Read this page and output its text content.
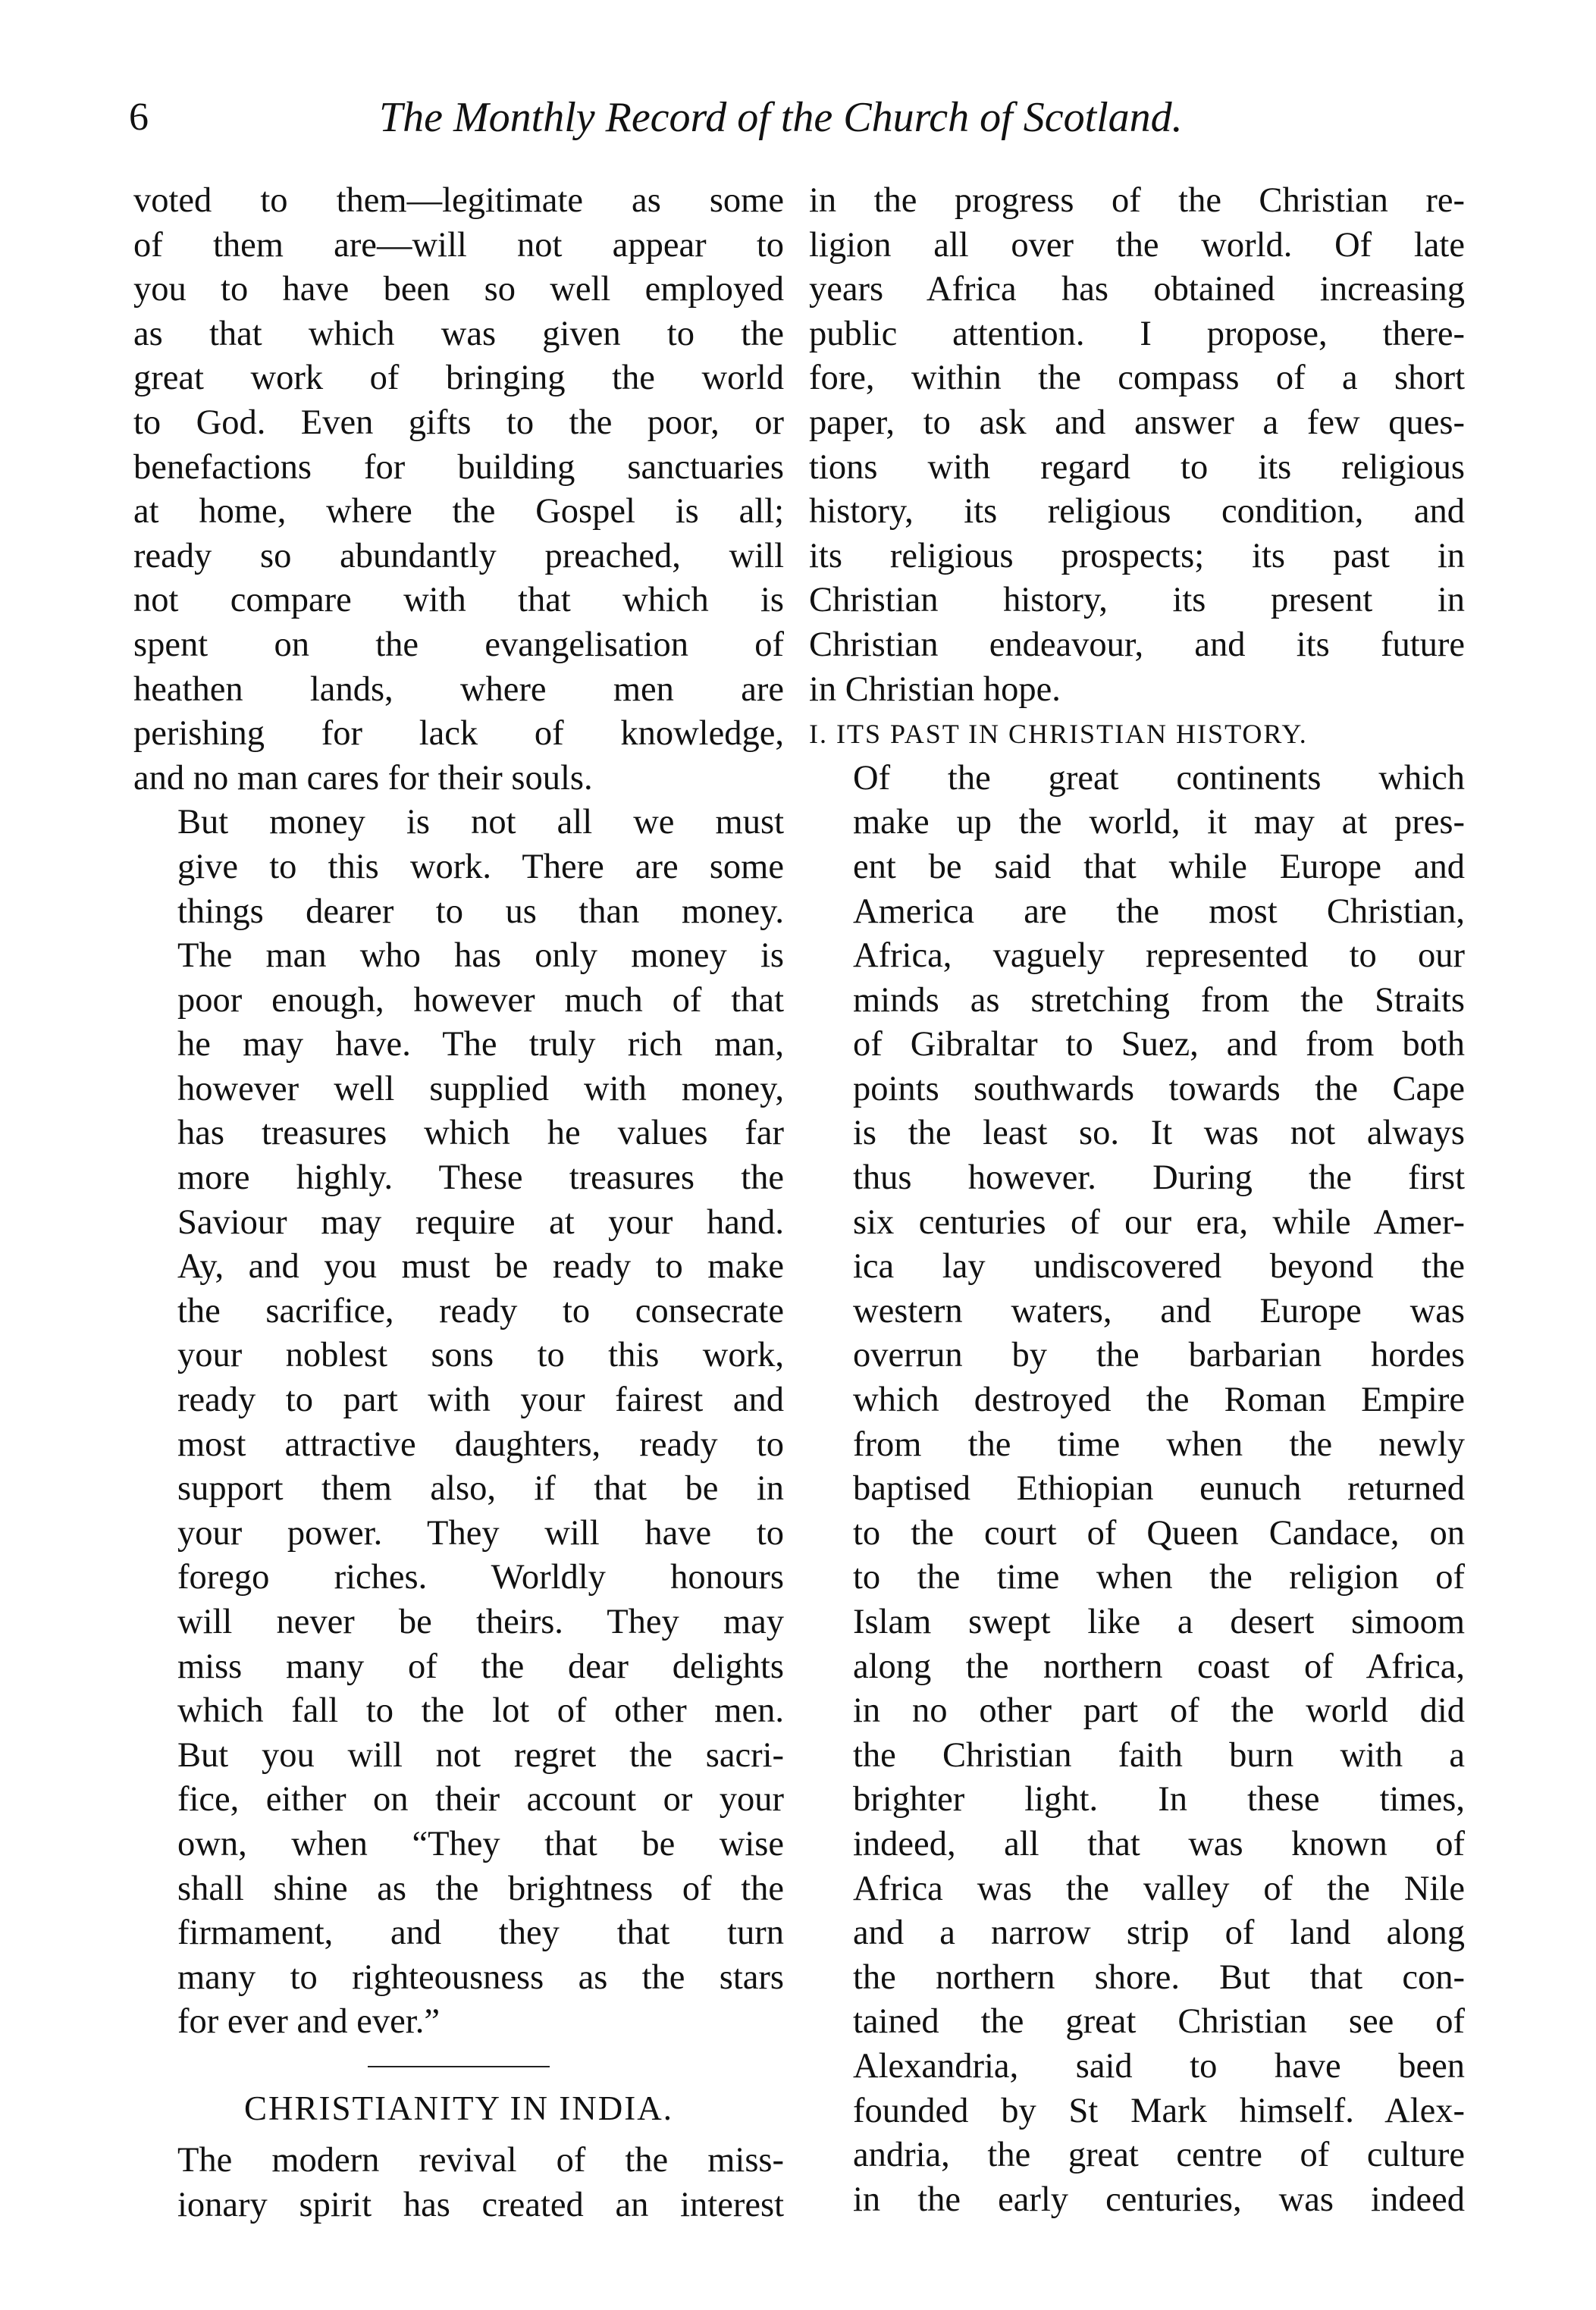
6	The Monthly Record of the Church of Scotland.

voted to them—legitimate as some
of them are—will not appear to
you to have been so well employed
as that which was given to the
great work of bringing the world
to God. Even gifts to the poor, or
benefactions for building sanctuaries
at home, where the Gospel is all;
ready so abundantly preached, will
not compare with that which is
spent on the evangelisation of
heathen lands, where men are
perishing for lack of knowledge,
and no man cares for their souls.

But money is not all we must
give to this work. There are some
things dearer to us than money.
The man who has only money is
poor enough, however much of that
he may have. The truly rich man,
however well supplied with money,
has treasures which he values far
more highly. These treasures the
Saviour may require at your hand.
Ay, and you must be ready to make
the sacrifice, ready to consecrate
your noblest sons to this work,
ready to part with your fairest and
most attractive daughters, ready to
support them also, if that be in
your power. They will have to
forego riches. Worldly honours
will never be theirs. They may
miss many of the dear delights
which fall to the lot of other men.
But you will not regret the sacri-
fice, either on their account or your
own, when “They that be wise
shall shine as the brightness of the
firmament, and they that turn
many to righteousness as the stars
for ever and ever.”

CHRISTIANITY IN INDIA.

The modern revival of the miss-
ionary spirit has created an interest

in the progress of the Christian re-
ligion all over the world. Of late
years Africa has obtained increasing
public attention. I propose, there-
fore, within the compass of a short
paper, to ask and answer a few ques-
tions with regard to its religious
history, its religious condition, and
its religious prospects; its past in
Christian history, its present in
Christian endeavour, and its future
in Christian hope.

I. ITS PAST IN CHRISTIAN HISTORY.

Of the great continents which
make up the world, it may at pres-
ent be said that while Europe and
America are the most Christian,
Africa, vaguely represented to our
minds as stretching from the Straits
of Gibraltar to Suez, and from both
points southwards towards the Cape
is the least so. It was not always
thus however. During the first
six centuries of our era, while Amer-
ica lay undiscovered beyond the
western waters, and Europe was
overrun by the barbarian hordes
which destroyed the Roman Empire
from the time when the newly
baptised Ethiopian eunuch returned
to the court of Queen Candace, on
to the time when the religion of
Islam swept like a desert simoom
along the northern coast of Africa,
in no other part of the world did
the Christian faith burn with a
brighter light. In these times,
indeed, all that was known of
Africa was the valley of the Nile
and a narrow strip of land along
the northern shore. But that con-
tained the great Christian see of
Alexandria, said to have been
founded by St Mark himself. Alex-
andria, the great centre of culture
in the early centuries, was indeed
